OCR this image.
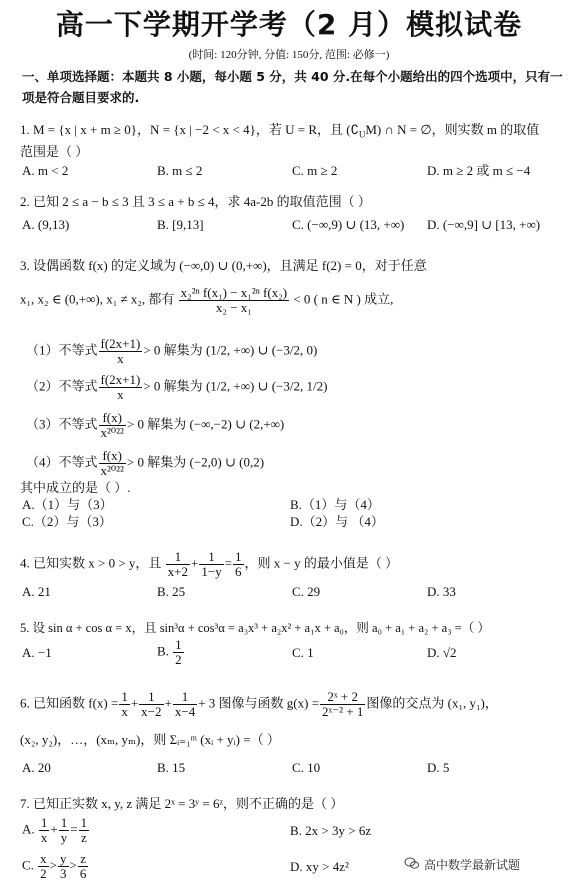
高一下学期开学考（2 月）模拟试卷
(时间: 120分钟, 分值: 150分, 范围: 必修一)
一、单项选择题：本题共 8 小题，每小题 5 分，共 40 分.在每个小题给出的四个选项中，只有一项是符合题目要求的.
1. M = {x | x + m ≥ 0}，N = {x | −2 < x < 4}，若 U = R，且 $(∁_UM)$ ∩ N = ∅，则实数 m 的取值
范围是（ ）
A. m < 2	B. m ≤ 2	C. m ≥ 2	D. m ≥ 2 或 m ≤ −4
2. 已知 2 ≤ a − b ≤ 3 且 3 ≤ a + b ≤ 4，求 4a-2b 的取值范围（ ）
A. (9,13)	B. [9,13]	C. (−∞,9) ∪ (13, +∞) D. (−∞,9] ∪ [13, +∞)
3. 设偶函数 f(x) 的定义域为 (−∞,0) ∪ (0,+∞)，且满足 f(2) = 0，对于任意
x₁, x₂ ∈ (0,+∞), x₁ ≠ x₂, 都有 $\frac{\text{x₂²ⁿ f(x₁) − x₁²ⁿ f(x₂)}}{\text{x₂ − x₁}} < 0$ ( n ∈ N ) 成立,
（1）不等式 $\frac{f(2x+1)}{x} > 0$ 解集为 (1/2, +∞) ∪ (−3/2, 0)
（2）不等式 $\frac{f(2x+1)}{x} > 0$ 解集为 (1/2, +∞) ∪ (−3/2, 1/2)
（3）不等式 $\frac{f(x)}{\text{x²⁰²²}} > 0$ 解集为 (−∞,−2) ∪ (2,+∞)
（4）不等式 $\frac{f(x)}{\text{x²⁰²²}} > 0$ 解集为 (−2,0) ∪ (0,2)
其中成立的是（ ）.
A.（1）与（3）	B.（1）与（4）
C.（2）与（3）	D.（2）与 （4）
4. 已知实数 x > 0 > y，且 $\frac{1}{x+2} + \frac{1}{1-y} = \frac{1}{6}$ ，则 x − y 的最小值是（ ）
A. 21	B. 25	C. 29	D. 33
5. 设 sin α + cos α = x，且 sin³α + cos³α = a₃x³ + a₂x² + a₁x + a₀，则 a₀ + a₁ + a₂ + a₃ =（ ）
A. −1	B. $\frac{1}{2}$	C. 1	D. √2
6. 已知函数 $f(x) = \frac{1}{x} + \frac{1}{x-2} + \frac{1}{x-4} + 3$ 图像与函数 $g(x) = \frac{\text{2ˣ + 2}}{\text{2ˣ⁻² + 1}}$ 图像的交点为 (x₁, y₁)，
(x₂, y₂)，…，(xₘ, yₘ)，则 Σᵢ₌₁ᵐ (xᵢ + yᵢ) =（ ）
A. 20	B. 15	C. 10	D. 5
7. 已知正实数 x, y, z 满足 2ˣ = 3ʸ = 6ᶻ，则不正确的是（ ）
A. $\frac{1}{x} + \frac{1}{y} = \frac{1}{z}$	B. 2x > 3y > 6z
C. $\frac{x}{2} > \frac{y}{3} > \frac{z}{6}$	D. xy > 4z²	高中数学最新试题
